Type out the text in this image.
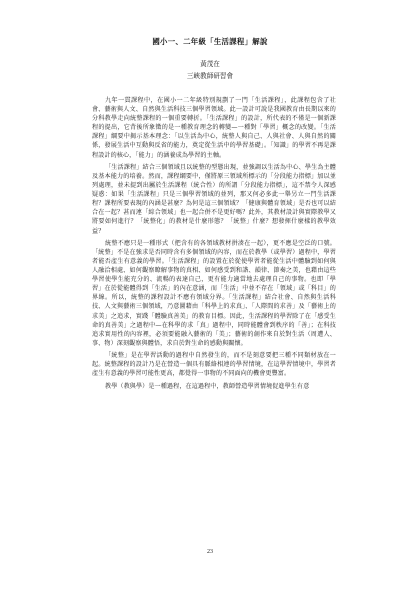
國小一、二年級「生活課程」解說
黃茂在
三峽教師研習會

九年一貫課程中，在國小一二年級特別規劃了一門「生活課程」，此課程包含了社會、藝術與人文、自然與生活科技三個學習領域。此一設計可說是我國教育由長期以來的分科教學走向統整課程的一個重要轉折。「生活課程」的設計，所代表的不僅是一個新課程的提出，它背後所象徵的是一種教育理念的轉變—一種對「學習」概念的改變。「生活課程」綱要中揭示基本理念：「以生活為中心，統整人與自己、人與社會、人與自然的關係，發展生活中互動與反省的能力，奠定從生活中的學習基礎」。「知識」的學習不再是課程設計的核心，「能力」的涵養成為學習的主軸。

「生活課程」結合三個領域且以統整的型態出現，並強調以生活為中心、學生為主體及基本能力的培養。然而，課程綱要中，僅將原三領域所標示的「分段能力指標」加以並列處理，並未提到出屬於生活課程（統合性）的所謂「分段能力指標」，這不禁令人深感疑惑：如果「生活課程」只是三個學習領域的並列，那又何必多此一舉另立一門生活課程？課程所要表現的內涵是甚麼？為何是這三個領域？「健康與體育領域」是否也可以結合在一起？甚而連「綜合領域」也一起合併不是更好嗎？此外，其教材設計與實際教學又將要如何進行？「統整化」的教材是什麼形態？「統整」什麼？想發揮什麼樣的教學效益？

統整不應只是一種形式（把含有的各領域教材拼湊在一起），更不應是空泛的口號。「統整」不是在強求是否同時含有多個領域的內容，而在於教學（或學習）過程中，學習者能否產生有意義的學習。「生活課程」的設置在於從使學習者能從生活中體驗到如何與人融洽相處、如何觀察瞭解事物的真相、如何感受到和諧、韻律、節奏之美，也藉由這些學習使學生能充分的、流暢的表達自己，更有能力適當地去處理自己的事物。也即「學習」在於從能體得到「生活」的內在意涵，而「生活」中並不存在「領域」或「科目」的界線。所以，統整的課程設計不應有領域分界。「生活課程」結合社會、自然與生活科技、人文與藝術三個領域，乃意圖藉由「科學上的求真」、「人際間的求善」及「藝術上的求美」之追求，實踐「體驗真善美」的教育目標。因此，生活課程的學習除了在「感受生命的真善美」之過程中—在科學的求「真」過程中，同時能體會到秩序的「善」；在科技追求實用性的內容裡，必須要能融入藝術的「美」；藝術的創作來自於對生活（周遭人、事、物）深刻觀察與體悟，求自於對生命的感動與關懷。

「統整」是在學習活動的過程中自然發生的，而不是刻意要把三種不同類材放在一起。統整課程的設計乃是在營造一個具有脈絡相連的學習情境，在這學習情境中，學習者產生有意義的學習可能性更高，都覺得一事物的不同面向的機會更豐富。

教學（教與學）是一種過程，在這過程中，教師營造學習情境促進學生有意

23
